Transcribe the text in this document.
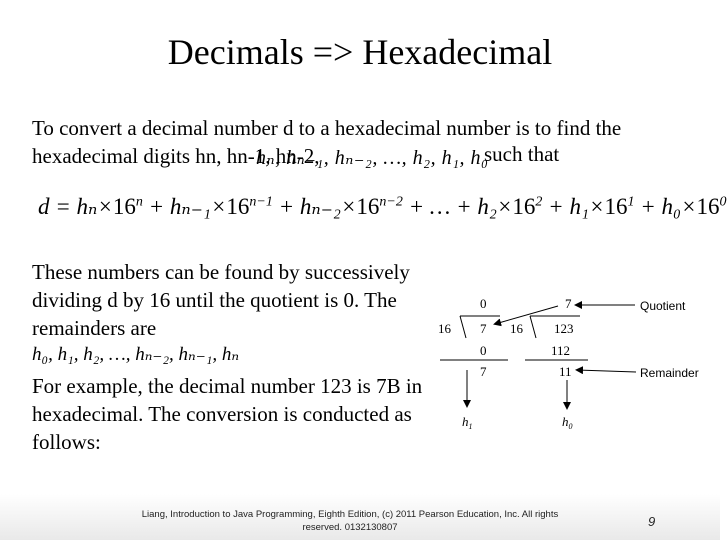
Decimals => Hexadecimal
To convert a decimal number d to a hexadecimal number is to find the hexadecimal digits hn, hn-1, hn-2,
hₙ, hₙ₋₁, hₙ₋₂, …, h₂, h₁, h₀
such that
$d = h_n\times 16^n + h_{n-1}\times 16^{n-1} + h_{n-2}\times 16^{n-2}$ + … + $h_2\times 16^2 + h_1\times 16^1 + h_0\times 16^0$
These numbers can be found by successively dividing d by 16 until the quotient is 0. The remainders are
h₀, h₁, h₂, …, hₙ₋₂, hₙ₋₁, hₙ
For example, the decimal number 123 is 7B in hexadecimal. The conversion is conducted as follows:
0
16 7
0
7
$h_1$
7
16 123
112
11
$h_0$
Quotient
Remainder
Liang, Introduction to Java Programming, Eighth Edition, (c) 2011 Pearson Education, Inc. All rights reserved. 0132130807	9
